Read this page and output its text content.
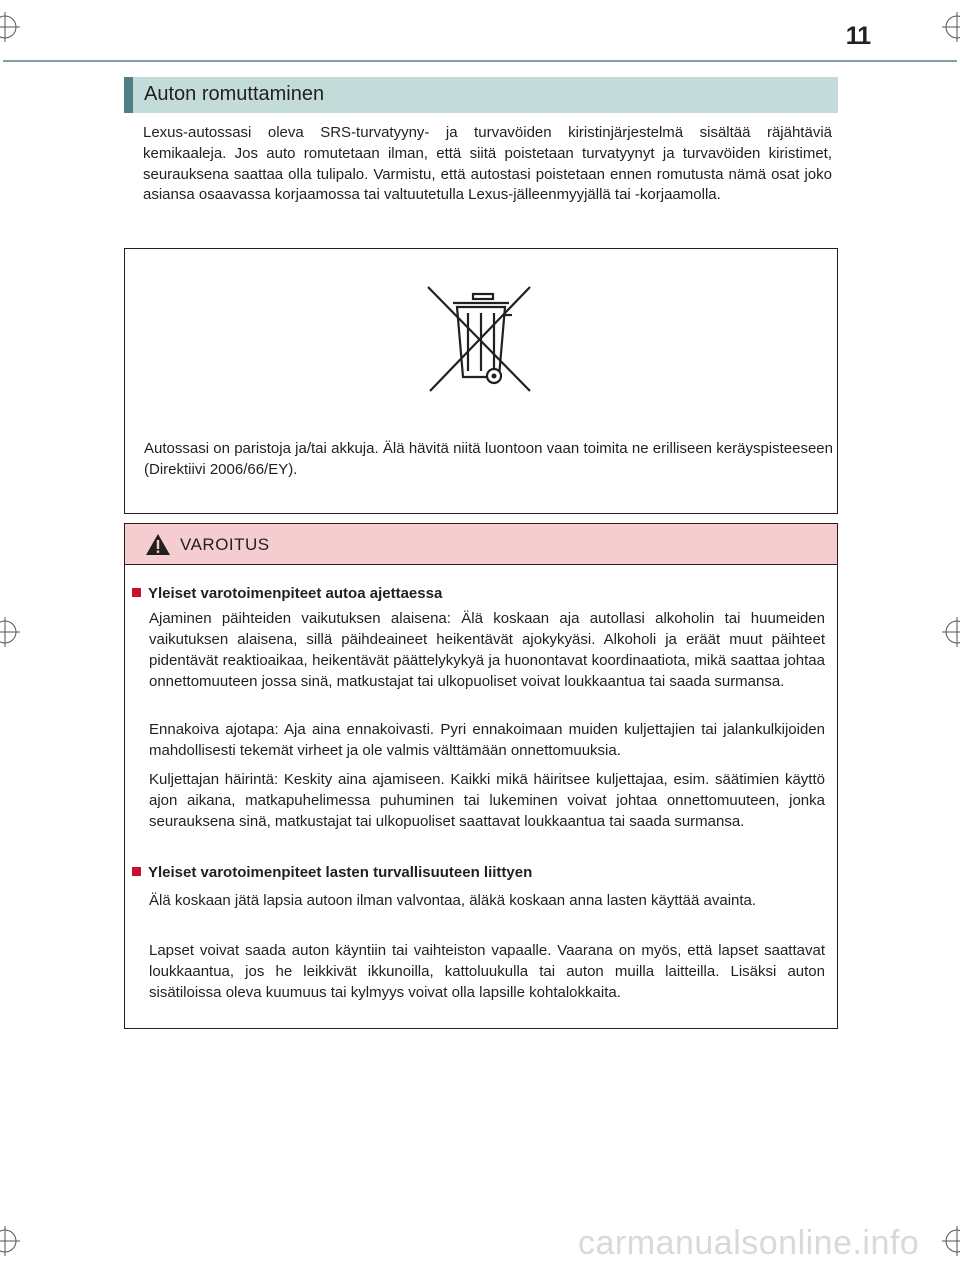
11
Auton romuttaminen

Lexus-autossasi oleva SRS-turvatyyny- ja turvavöiden kiristinjärjestelmä sisältää räjähtäviä kemikaaleja. Jos auto romutetaan ilman, että siitä poistetaan turvatyynyt ja turvavöiden kiristimet, seurauksena saattaa olla tulipalo. Varmistu, että autostasi poistetaan ennen romutusta nämä osat joko asiansa osaavassa korjaamossa tai valtuutetulla Lexus-jälleenmyyjällä tai -korjaamolla.

Autossasi on paristoja ja/tai akkuja. Älä hävitä niitä luontoon vaan toimita ne erilliseen keräyspisteeseen (Direktiivi 2006/66/EY).

VAROITUS
Yleiset varotoimenpiteet autoa ajettaessa

Ajaminen päihteiden vaikutuksen alaisena: Älä koskaan aja autollasi alkoholin tai huumeiden vaikutuksen alaisena, sillä päihdeaineet heikentävät ajokykyäsi. Alkoholi ja eräät muut päihteet pidentävät reaktioaikaa, heikentävät päättelykykyä ja huonontavat koordinaatiota, mikä saattaa johtaa onnettomuuteen jossa sinä, matkustajat tai ulkopuoliset voivat loukkaantua tai saada surmansa.

Ennakoiva ajotapa: Aja aina ennakoivasti. Pyri ennakoimaan muiden kuljettajien tai jalankulkijoiden mahdollisesti tekemät virheet ja ole valmis välttämään onnettomuuksia.

Kuljettajan häirintä: Keskity aina ajamiseen. Kaikki mikä häiritsee kuljettajaa, esim. säätimien käyttö ajon aikana, matkapuhelimessa puhuminen tai lukeminen voivat johtaa onnettomuuteen, jonka seurauksena sinä, matkustajat tai ulkopuoliset saattavat loukkaantua tai saada surmansa.

Yleiset varotoimenpiteet lasten turvallisuuteen liittyen

Älä koskaan jätä lapsia autoon ilman valvontaa, äläkä koskaan anna lasten käyttää avainta.

Lapset voivat saada auton käyntiin tai vaihteiston vapaalle. Vaarana on myös, että lapset saattavat loukkaantua, jos he leikkivät ikkunoilla, kattoluukulla tai auton muilla laitteilla. Lisäksi auton sisätiloissa oleva kuumuus tai kylmyys voivat olla lapsille kohtalokkaita.

carmanualsonline.info
